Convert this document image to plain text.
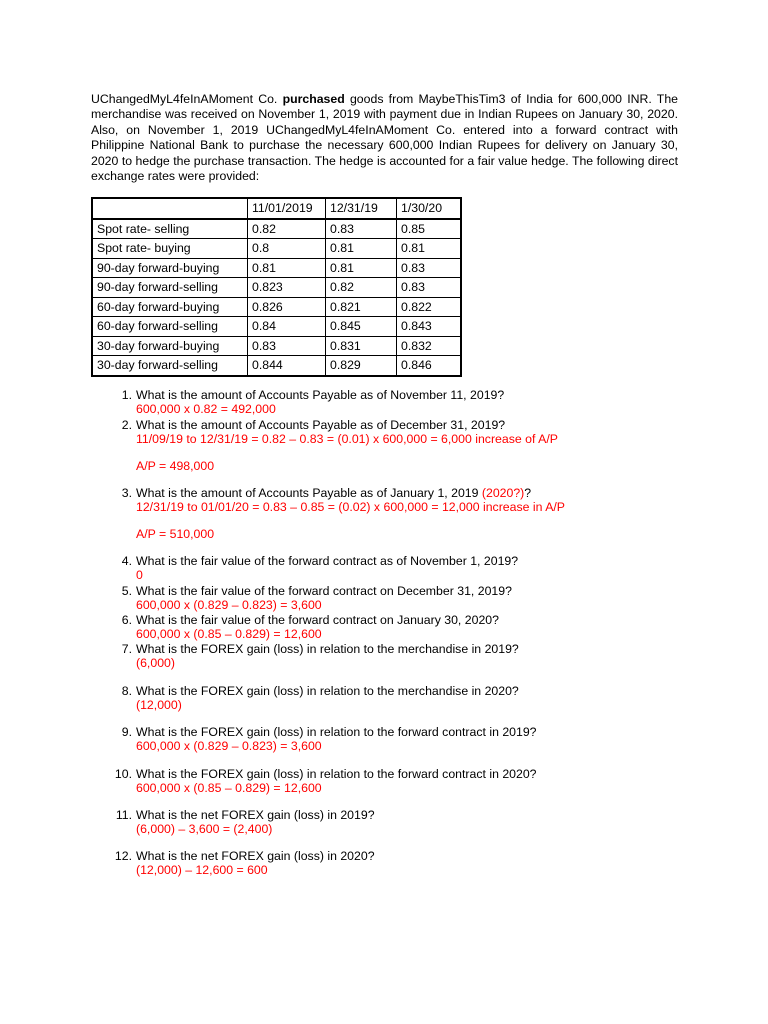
UChangedMyL4feInAMoment Co. purchased goods from MaybeThisTim3 of India for 600,000 INR. The merchandise was received on November 1, 2019 with payment due in Indian Rupees on January 30, 2020. Also, on November 1, 2019 UChangedMyL4feInAMoment Co. entered into a forward contract with Philippine National Bank to purchase the necessary 600,000 Indian Rupees for delivery on January 30, 2020 to hedge the purchase transaction. The hedge is accounted for a fair value hedge. The following direct exchange rates were provided:

	11/01/2019	12/31/19	1/30/20
Spot rate- selling	0.82	0.83	0.85
Spot rate- buying	0.8	0.81	0.81
90-day forward-buying	0.81	0.81	0.83
90-day forward-selling	0.823	0.82	0.83
60-day forward-buying	0.826	0.821	0.822
60-day forward-selling	0.84	0.845	0.843
30-day forward-buying	0.83	0.831	0.832
30-day forward-selling	0.844	0.829	0.846
1. What is the amount of Accounts Payable as of November 11, 2019?
600,000 x 0.82 = 492,000
2. What is the amount of Accounts Payable as of December 31, 2019?
11/09/19 to 12/31/19 = 0.82 – 0.83 = (0.01) x 600,000 = 6,000 increase of A/P
A/P = 498,000
3. What is the amount of Accounts Payable as of January 1, 2019 (2020?)?
12/31/19 to 01/01/20 = 0.83 – 0.85 = (0.02) x 600,000 = 12,000 increase in A/P
A/P = 510,000
4. What is the fair value of the forward contract as of November 1, 2019?
0
5. What is the fair value of the forward contract on December 31, 2019?
600,000 x (0.829 – 0.823) = 3,600
6. What is the fair value of the forward contract on January 30, 2020?
600,000 x (0.85 – 0.829) = 12,600
7. What is the FOREX gain (loss) in relation to the merchandise in 2019?
(6,000)
8. What is the FOREX gain (loss) in relation to the merchandise in 2020?
(12,000)
9. What is the FOREX gain (loss) in relation to the forward contract in 2019?
600,000 x (0.829 – 0.823) = 3,600
10. What is the FOREX gain (loss) in relation to the forward contract in 2020?
600,000 x (0.85 – 0.829) = 12,600
11. What is the net FOREX gain (loss) in 2019?
(6,000) – 3,600 = (2,400)
12. What is the net FOREX gain (loss) in 2020?
(12,000) – 12,600 = 600
